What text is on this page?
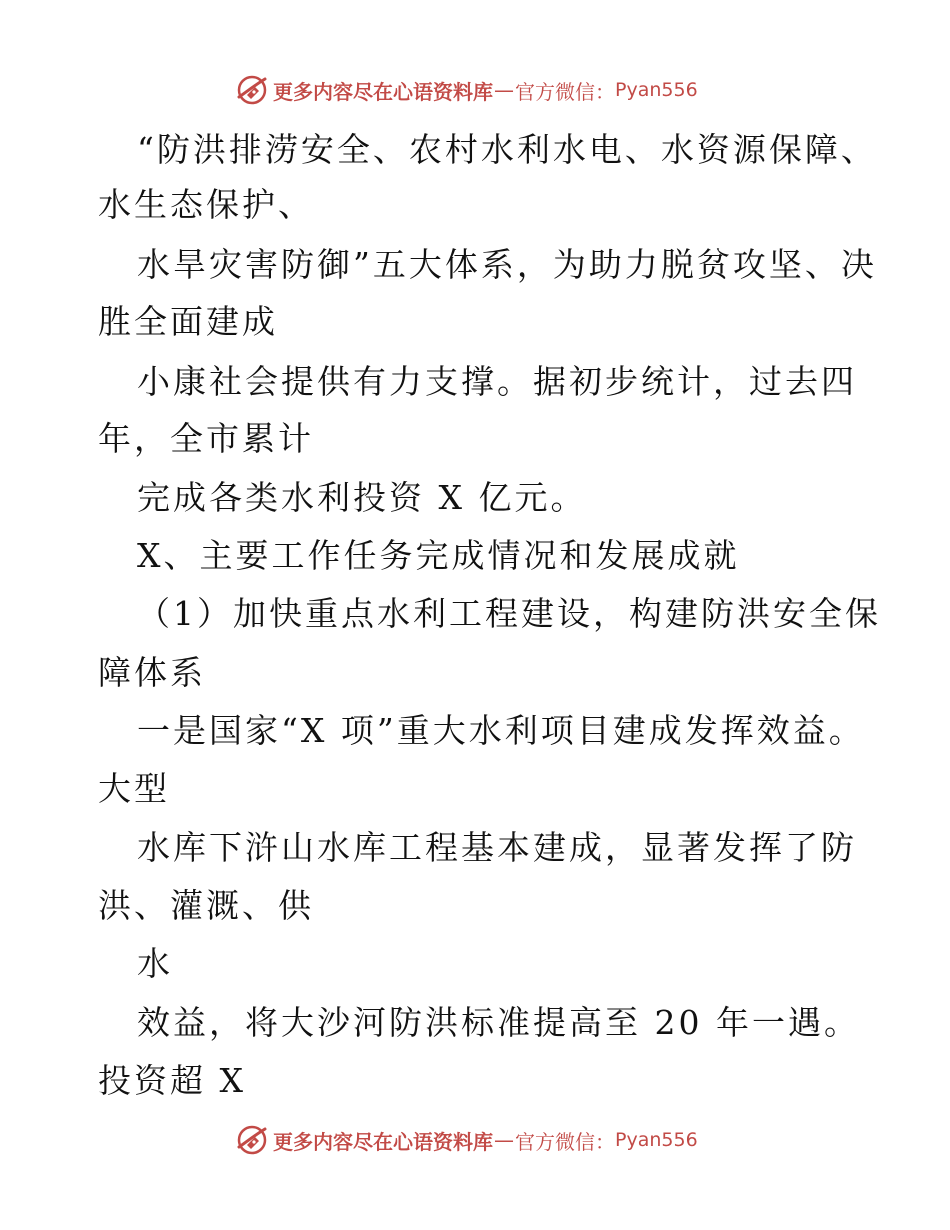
更多内容尽在心语资料库 — 官方微信： Pyan556
“防洪排涝安全、农村水利水电、水资源保障、
水生态保护、
水旱灾害防御”五大体系，为助力脱贫攻坚、决
胜全面建成
小康社会提供有力支撑。据初步统计，过去四
年，全市累计
完成各类水利投资 X 亿元。
X、主要工作任务完成情况和发展成就
（1）加快重点水利工程建设，构建防洪安全保
障体系
一是国家“X 项”重大水利项目建成发挥效益。
大型
水库下浒山水库工程基本建成，显著发挥了防
洪、灌溉、供
水
效益，将大沙河防洪标准提高至 20 年一遇。
投资超 X
更多内容尽在心语资料库 — 官方微信： Pyan556
